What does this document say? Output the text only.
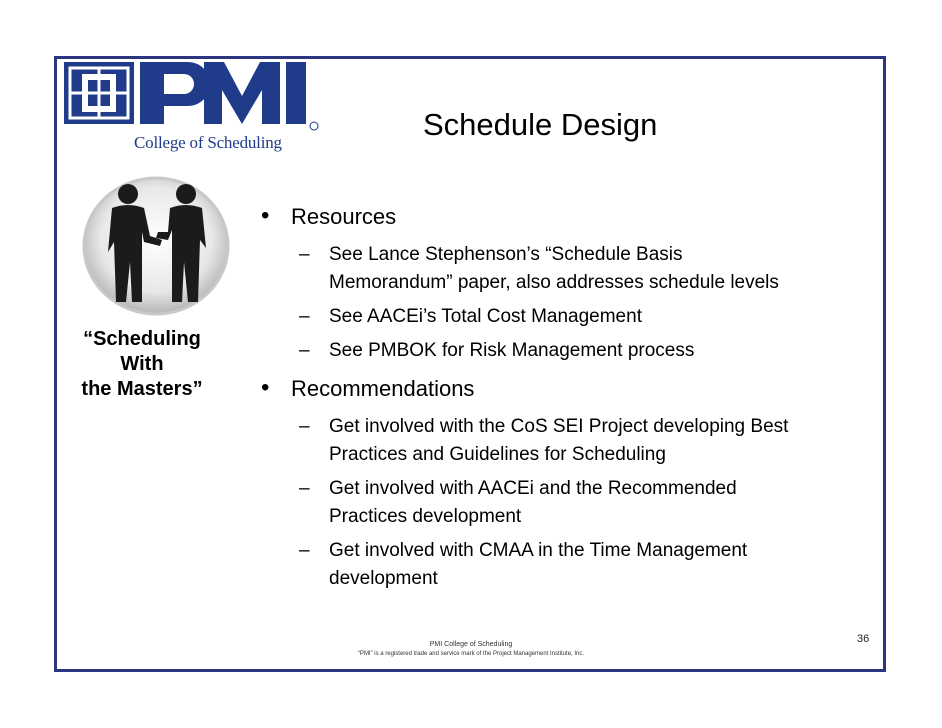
College of Scheduling
Schedule Design
“Scheduling
With
the Masters”
• Resources
– See Lance Stephenson’s “Schedule Basis
Memorandum” paper, also addresses schedule levels
– See AACEi’s Total Cost Management
– See PMBOK for Risk Management process
• Recommendations
– Get involved with the CoS SEI Project developing Best
Practices and Guidelines for Scheduling
– Get involved with AACEi and the Recommended
Practices development
– Get involved with CMAA in the Time Management
development
36
PMI College of Scheduling
“PMI” is a registered trade and service mark of the Project Management Institute, Inc.
